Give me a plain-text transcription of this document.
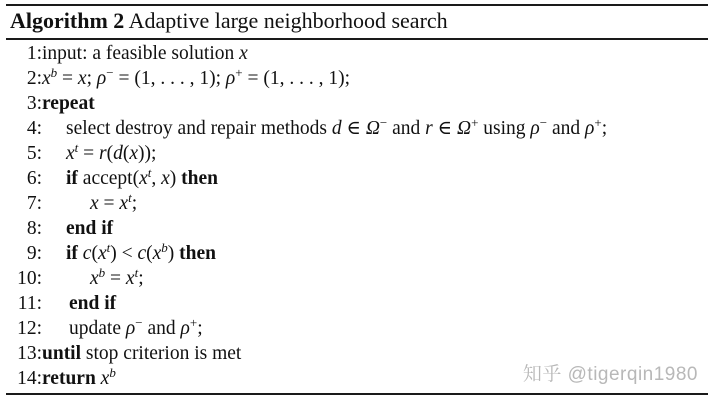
Algorithm 2 Adaptive large neighborhood search
1: input: a feasible solution x
2: $x^b = x$; ρ− = (1, . . . , 1); ρ+ = (1, . . . , 1);
3: repeat
4: select destroy and repair methods d ∈ Ω− and r ∈ Ω+ using ρ− and ρ+;
5: $x^t = r(d(x))$;
6: if $accept(x^t$, x) then
7: $x = x^t$;
8: end if
9: if $c(x^t) < c(x^b)$ then
10: $x^b = x^t$;
11: end if
12: update ρ− and ρ+;
13: until stop criterion is met
14: return $x^b$	知乎 @tigerqin1980
